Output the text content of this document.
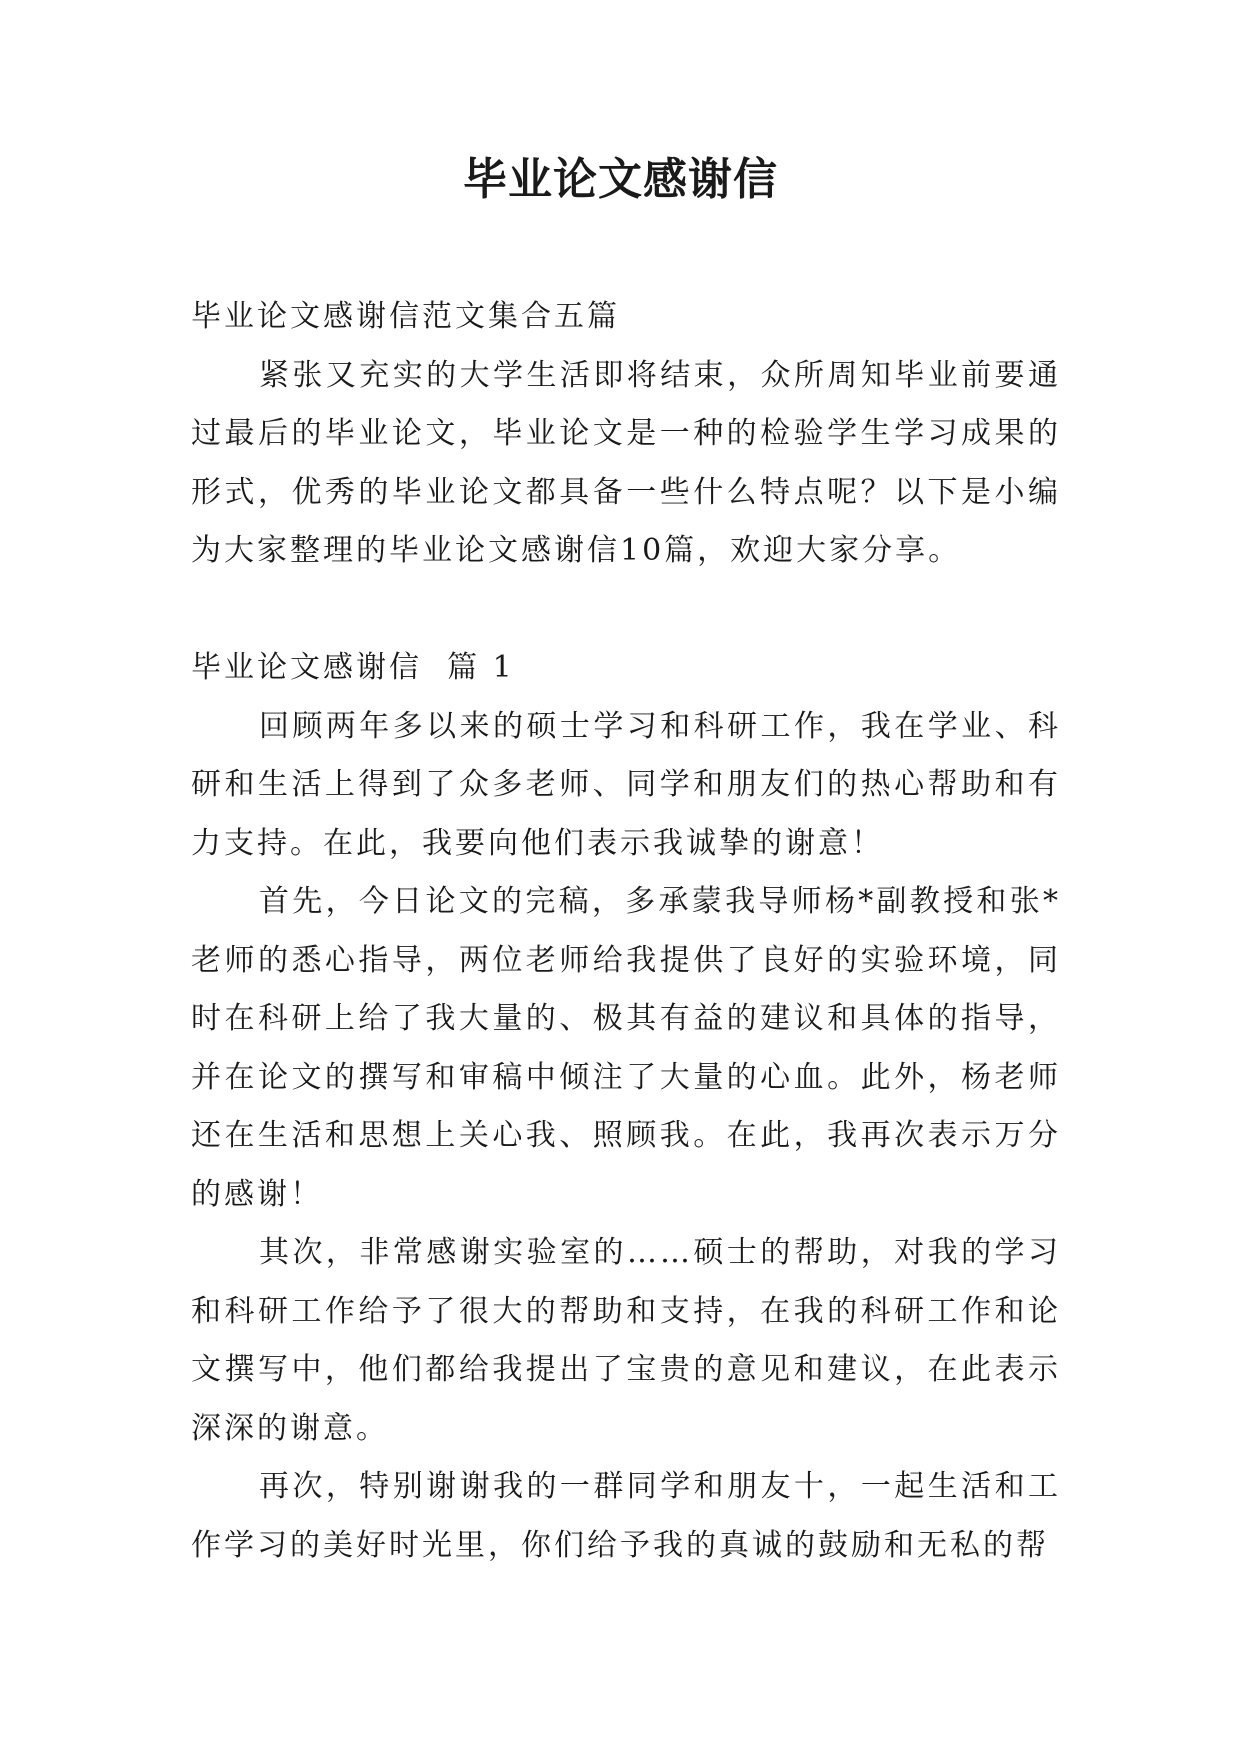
毕业论文感谢信

毕业论文感谢信范文集合五篇

紧张又充实的大学生活即将结束，众所周知毕业前要通过最后的毕业论文，毕业论文是一种的检验学生学习成果的形式，优秀的毕业论文都具备一些什么特点呢？以下是小编为大家整理的毕业论文感谢信10篇，欢迎大家分享。

毕业论文感谢信  篇 1

回顾两年多以来的硕士学习和科研工作，我在学业、科研和生活上得到了众多老师、同学和朋友们的热心帮助和有力支持。在此，我要向他们表示我诚挚的谢意！

首先，今日论文的完稿，多承蒙我导师杨*副教授和张*老师的悉心指导，两位老师给我提供了良好的实验环境，同时在科研上给了我大量的、极其有益的建议和具体的指导，并在论文的撰写和审稿中倾注了大量的心血。此外，杨老师还在生活和思想上关心我、照顾我。在此，我再次表示万分的感谢！

其次，非常感谢实验室的……硕士的帮助，对我的学习和科研工作给予了很大的帮助和支持，在我的科研工作和论文撰写中，他们都给我提出了宝贵的意见和建议，在此表示深深的谢意。

再次，特别谢谢我的一群同学和朋友十，一起生活和工作学习的美好时光里，你们给予我的真诚的鼓励和无私的帮
